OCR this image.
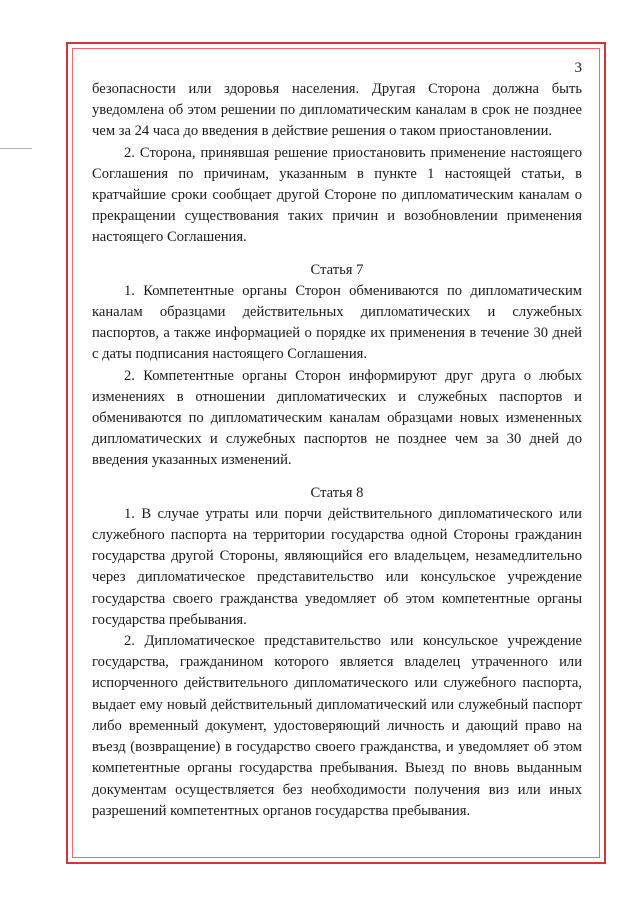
3

безопасности или здоровья населения. Другая Сторона должна быть уведомлена об этом решении по дипломатическим каналам в срок не позднее чем за 24 часа до введения в действие решения о таком приостановлении.

2. Сторона, принявшая решение приостановить применение настоящего Соглашения по причинам, указанным в пункте 1 настоящей статьи, в кратчайшие сроки сообщает другой Стороне по дипломатическим каналам о прекращении существования таких причин и возобновлении применения настоящего Соглашения.

Статья 7

1. Компетентные органы Сторон обмениваются по дипломатическим каналам образцами действительных дипломатических и служебных паспортов, а также информацией о порядке их применения в течение 30 дней с даты подписания настоящего Соглашения.

2. Компетентные органы Сторон информируют друг друга о любых изменениях в отношении дипломатических и служебных паспортов и обмениваются по дипломатическим каналам образцами новых измененных дипломатических и служебных паспортов не позднее чем за 30 дней до введения указанных изменений.

Статья 8

1. В случае утраты или порчи действительного дипломатического или служебного паспорта на территории государства одной Стороны гражданин государства другой Стороны, являющийся его владельцем, незамедлительно через дипломатическое представительство или консульское учреждение государства своего гражданства уведомляет об этом компетентные органы государства пребывания.

2. Дипломатическое представительство или консульское учреждение государства, гражданином которого является владелец утраченного или испорченного действительного дипломатического или служебного паспорта, выдает ему новый действительный дипломатический или служебный паспорт либо временный документ, удостоверяющий личность и дающий право на въезд (возвращение) в государство своего гражданства, и уведомляет об этом компетентные органы государства пребывания. Выезд по вновь выданным документам осуществляется без необходимости получения виз или иных разрешений компетентных органов государства пребывания.
